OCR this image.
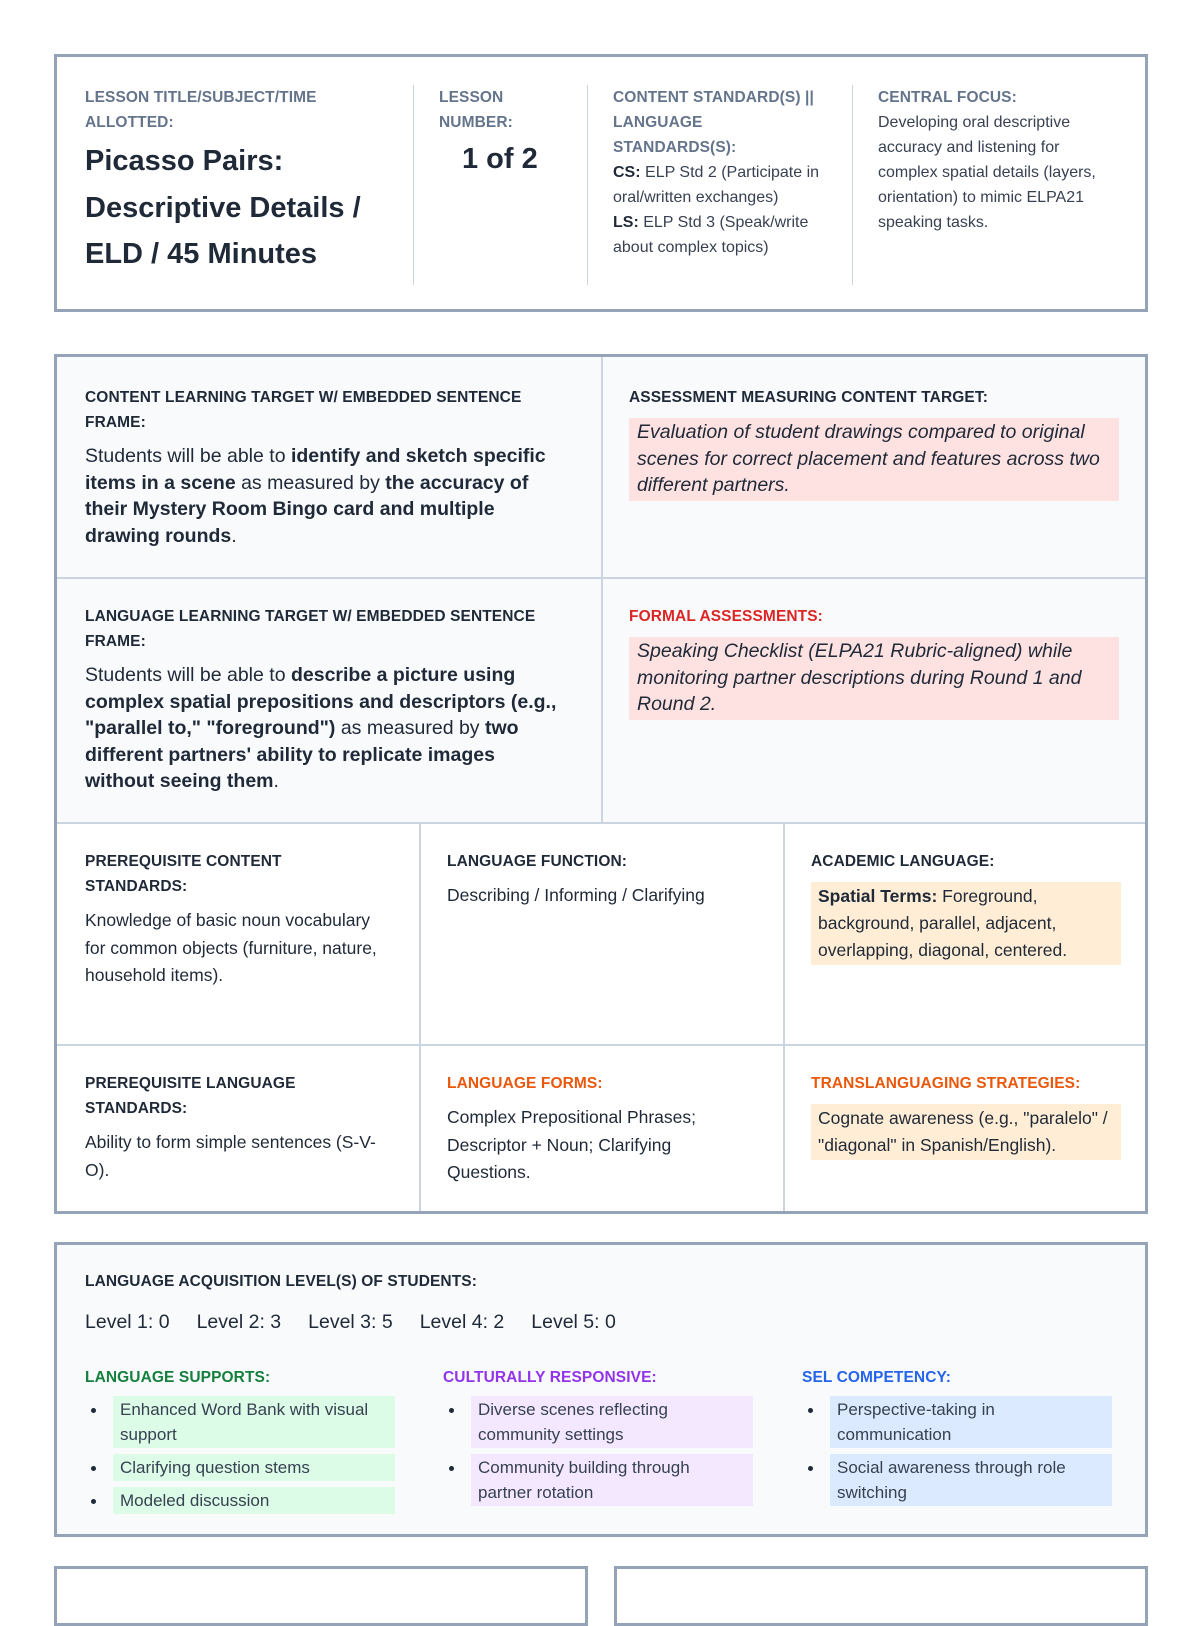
LESSON TITLE/SUBJECT/TIME ALLOTTED:
Picasso Pairs: Descriptive Details / ELD / 45 Minutes
LESSON NUMBER:
1 of 2
CONTENT STANDARD(S) || LANGUAGE STANDARDS(S):
CS: ELP Std 2 (Participate in oral/written exchanges)
LS: ELP Std 3 (Speak/write about complex topics)
CENTRAL FOCUS:
Developing oral descriptive accuracy and listening for complex spatial details (layers, orientation) to mimic ELPA21 speaking tasks.
CONTENT LEARNING TARGET W/ EMBEDDED SENTENCE FRAME:
Students will be able to identify and sketch specific items in a scene as measured by the accuracy of their Mystery Room Bingo card and multiple drawing rounds.
ASSESSMENT MEASURING CONTENT TARGET:
Evaluation of student drawings compared to original scenes for correct placement and features across two different partners.
LANGUAGE LEARNING TARGET W/ EMBEDDED SENTENCE FRAME:
Students will be able to describe a picture using complex spatial prepositions and descriptors (e.g., "parallel to," "foreground") as measured by two different partners' ability to replicate images without seeing them.
FORMAL ASSESSMENTS:
Speaking Checklist (ELPA21 Rubric-aligned) while monitoring partner descriptions during Round 1 and Round 2.
PREREQUISITE CONTENT STANDARDS:
Knowledge of basic noun vocabulary for common objects (furniture, nature, household items).
LANGUAGE FUNCTION:
Describing / Informing / Clarifying
ACADEMIC LANGUAGE:
Spatial Terms: Foreground, background, parallel, adjacent, overlapping, diagonal, centered.
PREREQUISITE LANGUAGE STANDARDS:
Ability to form simple sentences (S-V-O).
LANGUAGE FORMS:
Complex Prepositional Phrases; Descriptor + Noun; Clarifying Questions.
TRANSLANGUAGING STRATEGIES:
Cognate awareness (e.g., "paralelo" / "diagonal" in Spanish/English).
LANGUAGE ACQUISITION LEVEL(S) OF STUDENTS:
Level 1: 0 Level 2: 3 Level 3: 5 Level 4: 2 Level 5: 0
LANGUAGE SUPPORTS:
Enhanced Word Bank with visual support
Clarifying question stems
Modeled discussion
CULTURALLY RESPONSIVE:
Diverse scenes reflecting community settings
Community building through partner rotation
SEL COMPETENCY:
Perspective-taking in communication
Social awareness through role switching
